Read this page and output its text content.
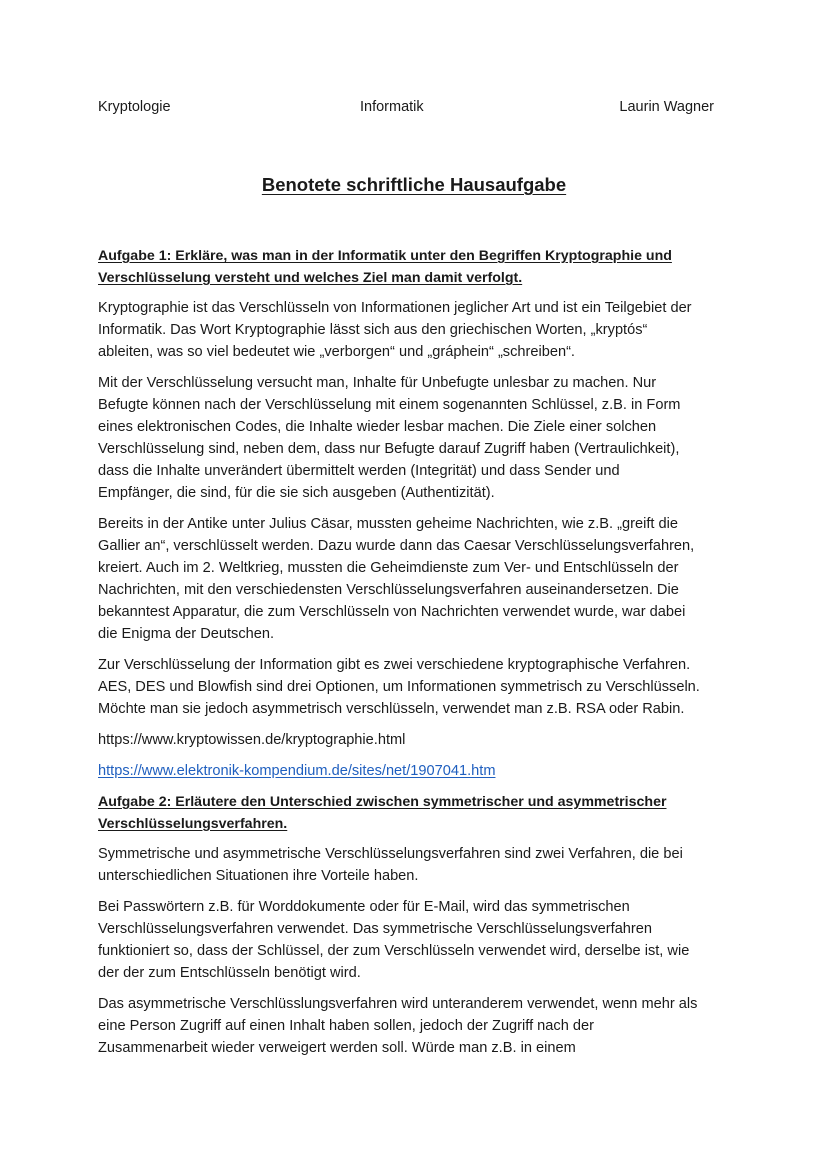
Kryptologie	Informatik	Laurin Wagner
Benotete schriftliche Hausaufgabe
Aufgabe 1: Erkläre, was man in der Informatik unter den Begriffen Kryptographie und
Verschlüsselung versteht und welches Ziel man damit verfolgt.
Kryptographie ist das Verschlüsseln von Informationen jeglicher Art und ist ein Teilgebiet der
Informatik. Das Wort Kryptographie lässt sich aus den griechischen Worten, „kryptós“
ableiten, was so viel bedeutet wie „verborgen“ und „gráphein“ „schreiben“.
Mit der Verschlüsselung versucht man, Inhalte für Unbefugte unlesbar zu machen. Nur
Befugte können nach der Verschlüsselung mit einem sogenannten Schlüssel, z.B. in Form
eines elektronischen Codes, die Inhalte wieder lesbar machen. Die Ziele einer solchen
Verschlüsselung sind, neben dem, dass nur Befugte darauf Zugriff haben (Vertraulichkeit),
dass die Inhalte unverändert übermittelt werden (Integrität) und dass Sender und
Empfänger, die sind, für die sie sich ausgeben (Authentizität).
Bereits in der Antike unter Julius Cäsar, mussten geheime Nachrichten, wie z.B. „greift die
Gallier an“, verschlüsselt werden. Dazu wurde dann das Caesar Verschlüsselungsverfahren,
kreiert. Auch im 2. Weltkrieg, mussten die Geheimdienste zum Ver- und Entschlüsseln der
Nachrichten, mit den verschiedensten Verschlüsselungsverfahren auseinandersetzen. Die
bekanntest Apparatur, die zum Verschlüsseln von Nachrichten verwendet wurde, war dabei
die Enigma der Deutschen.
Zur Verschlüsselung der Information gibt es zwei verschiedene kryptographische Verfahren.
AES, DES und Blowfish sind drei Optionen, um Informationen symmetrisch zu Verschlüsseln.
Möchte man sie jedoch asymmetrisch verschlüsseln, verwendet man z.B. RSA oder Rabin.
https://www.kryptowissen.de/kryptographie.html
https://www.elektronik-kompendium.de/sites/net/1907041.htm
Aufgabe 2: Erläutere den Unterschied zwischen symmetrischer und asymmetrischer
Verschlüsselungsverfahren.
Symmetrische und asymmetrische Verschlüsselungsverfahren sind zwei Verfahren, die bei
unterschiedlichen Situationen ihre Vorteile haben.
Bei Passwörtern z.B. für Worddokumente oder für E-Mail, wird das symmetrischen
Verschlüsselungsverfahren verwendet. Das symmetrische Verschlüsselungsverfahren
funktioniert so, dass der Schlüssel, der zum Verschlüsseln verwendet wird, derselbe ist, wie
der der zum Entschlüsseln benötigt wird.
Das asymmetrische Verschlüsslungsverfahren wird unteranderem verwendet, wenn mehr als
eine Person Zugriff auf einen Inhalt haben sollen, jedoch der Zugriff nach der
Zusammenarbeit wieder verweigert werden soll. Würde man z.B. in einem
